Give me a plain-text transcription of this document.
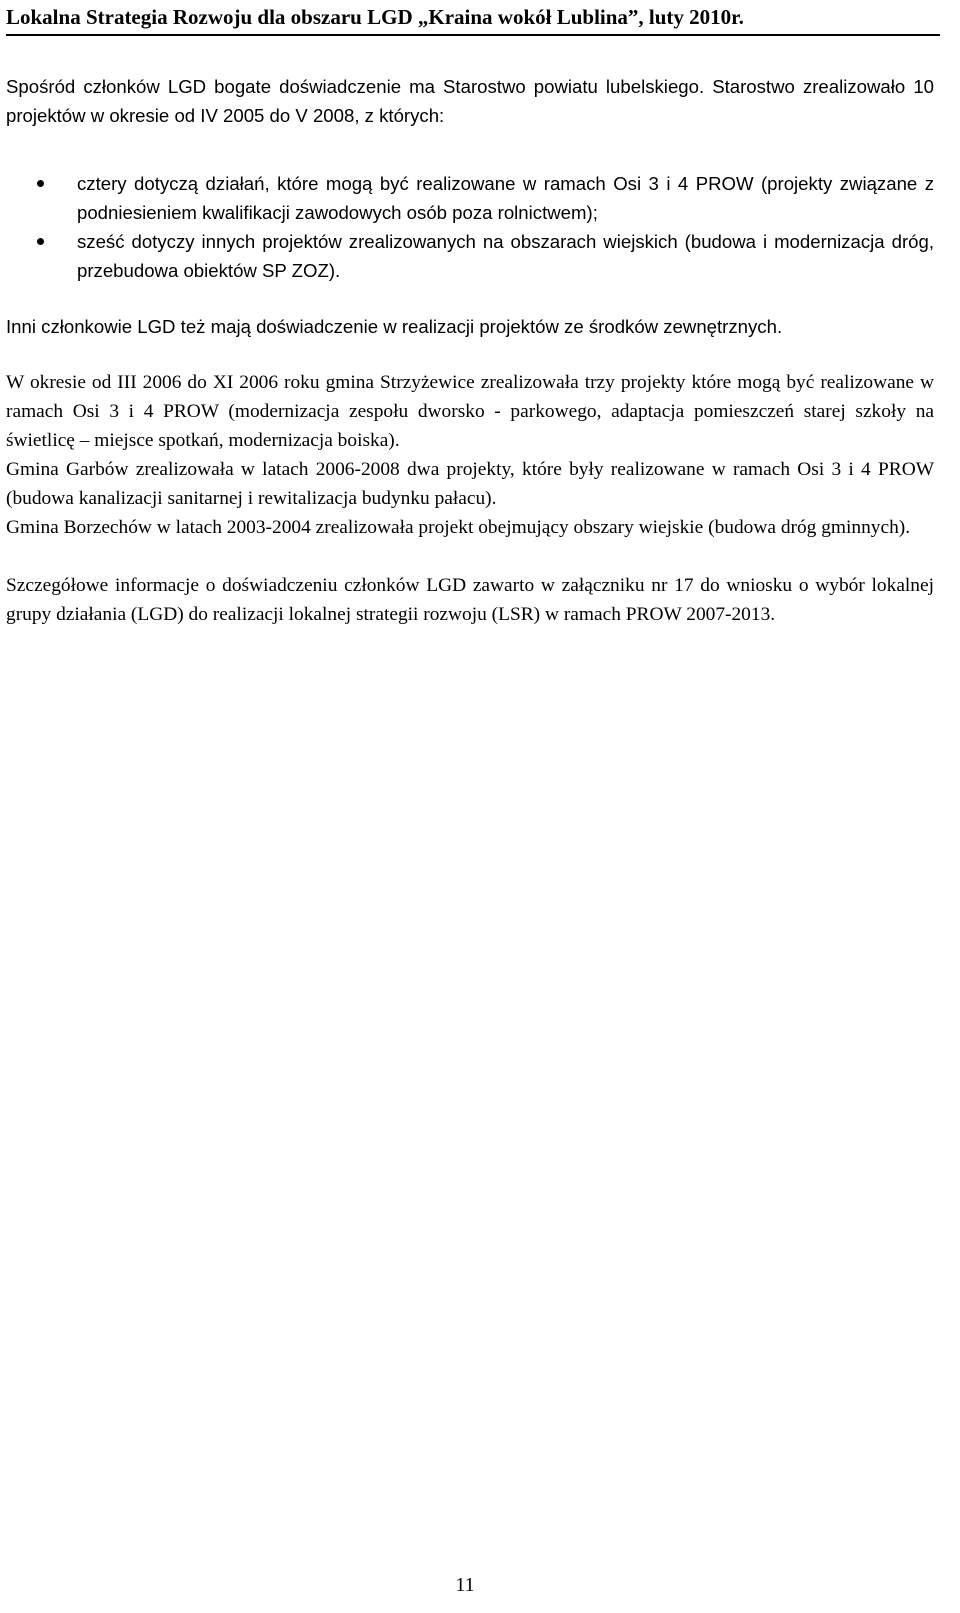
Lokalna Strategia Rozwoju dla obszaru LGD „Kraina wokół Lublina”, luty 2010r.

Spośród członków LGD bogate doświadczenie ma Starostwo powiatu lubelskiego. Starostwo zrealizowało 10 projektów w okresie od IV 2005 do V 2008, z których:

cztery dotyczą działań, które mogą być realizowane w ramach Osi 3 i 4 PROW (projekty związane z podniesieniem kwalifikacji zawodowych osób poza rolnictwem);
sześć dotyczy innych projektów zrealizowanych na obszarach wiejskich (budowa i modernizacja dróg, przebudowa obiektów SP ZOZ).

Inni członkowie LGD też mają doświadczenie w realizacji projektów ze środków zewnętrznych.

W okresie od III 2006 do XI 2006 roku gmina Strzyżewice zrealizowała trzy projekty które mogą być realizowane w ramach Osi 3 i 4 PROW (modernizacja zespołu dworsko - parkowego, adaptacja pomieszczeń starej szkoły na świetlicę – miejsce spotkań, modernizacja boiska).

Gmina Garbów zrealizowała w latach 2006-2008 dwa projekty, które były realizowane w ramach Osi 3 i 4 PROW (budowa kanalizacji sanitarnej i rewitalizacja budynku pałacu).

Gmina Borzechów w latach 2003-2004 zrealizowała projekt obejmujący obszary wiejskie (budowa dróg gminnych).

Szczegółowe informacje o doświadczeniu członków LGD zawarto w załączniku nr 17 do wniosku o wybór lokalnej grupy działania (LGD) do realizacji lokalnej strategii rozwoju (LSR) w ramach PROW 2007-2013.

11
